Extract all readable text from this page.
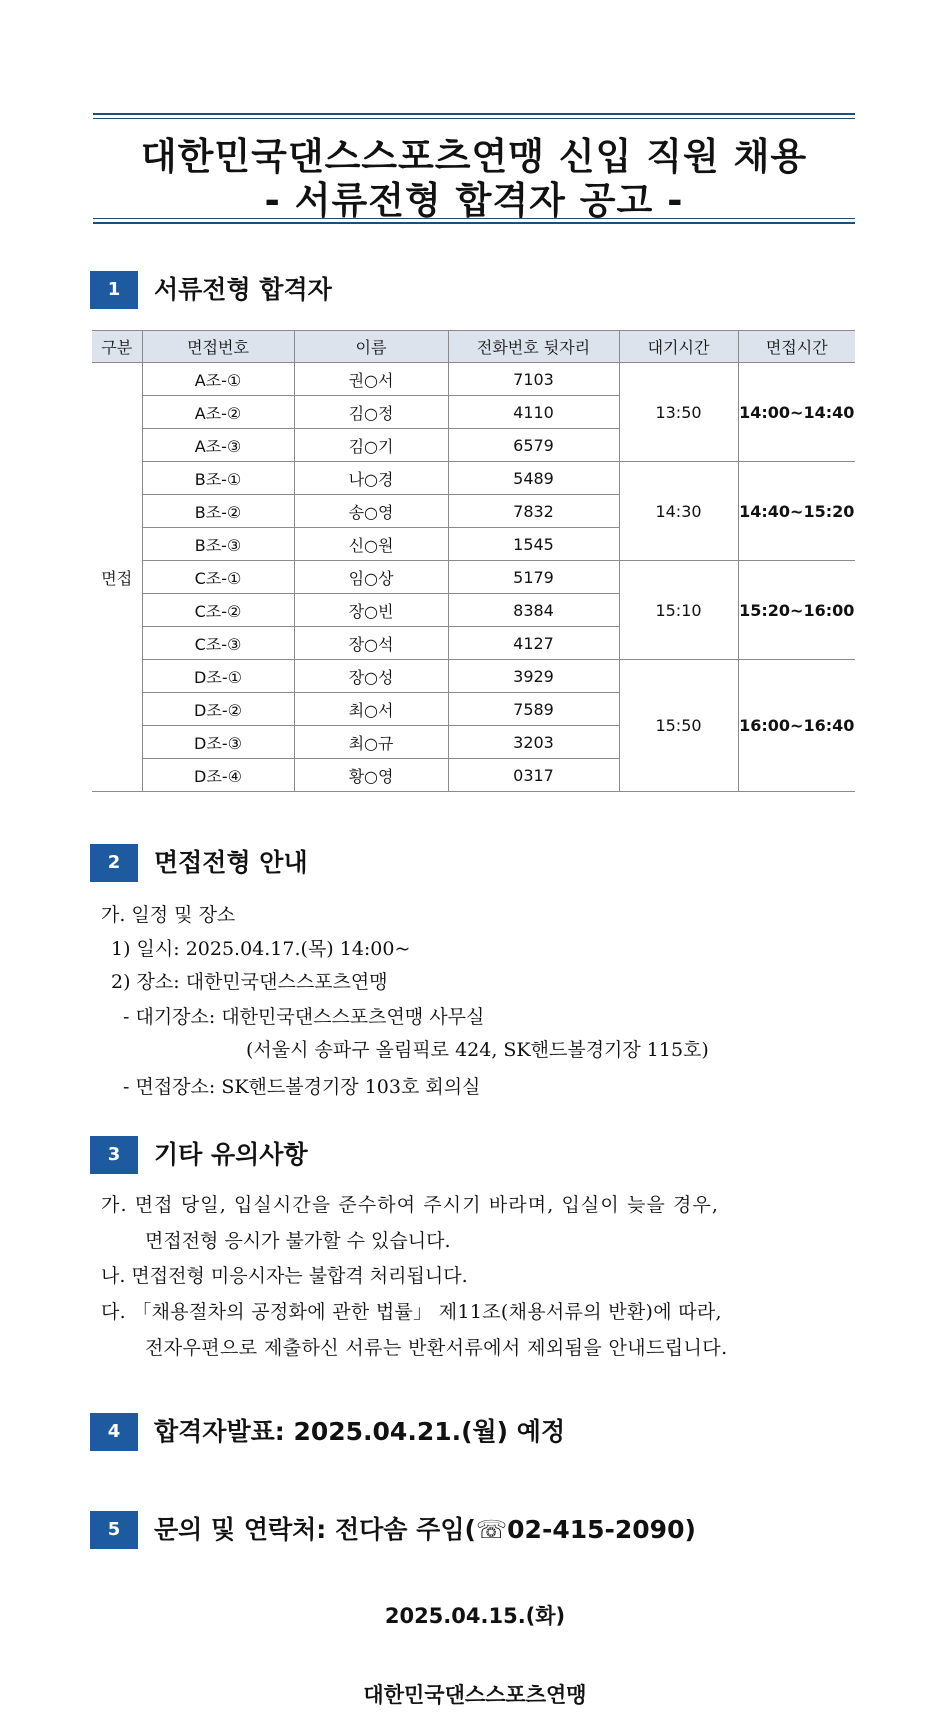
대한민국댄스스포츠연맹 신입 직원 채용
- 서류전형 합격자 공고 -
1	서류전형 합격자
구분	면접번호	이름	전화번호 뒷자리	대기시간	면접시간
면접	A조-①	권○서	7103	13:50	14:00~14:40
	A조-②	김○정	4110		
	A조-③	김○기	6579		
	B조-①	나○경	5489	14:30	14:40~15:20
	B조-②	송○영	7832		
	B조-③	신○원	1545		
	C조-①	임○상	5179	15:10	15:20~16:00
	C조-②	장○빈	8384		
	C조-③	장○석	4127		
	D조-①	장○성	3929	15:50	16:00~16:40
	D조-②	최○서	7589		
	D조-③	최○규	3203		
	D조-④	황○영	0317		
2	면접전형 안내
가. 일정 및 장소
1) 일시: 2025.04.17.(목) 14:00~
2) 장소: 대한민국댄스스포츠연맹
- 대기장소: 대한민국댄스스포츠연맹 사무실
(서울시 송파구 올림픽로 424, SK핸드볼경기장 115호)
- 면접장소: SK핸드볼경기장 103호 회의실
3	기타 유의사항
가. 면접 당일, 입실시간을 준수하여 주시기 바라며, 입실이 늦을 경우,
면접전형 응시가 불가할 수 있습니다.
나. 면접전형 미응시자는 불합격 처리됩니다.
다. 「채용절차의 공정화에 관한 법률」 제11조(채용서류의 반환)에 따라,
전자우편으로 제출하신 서류는 반환서류에서 제외됨을 안내드립니다.
4	합격자발표: 2025.04.21.(월) 예정
5	문의 및 연락처: 전다솜 주임(☏02-415-2090)
2025.04.15.(화)
대한민국댄스스포츠연맹
